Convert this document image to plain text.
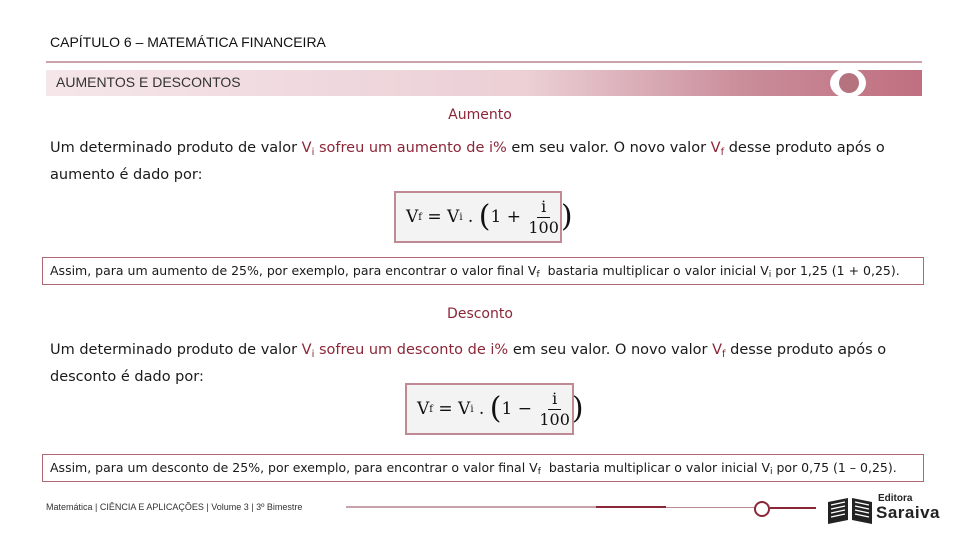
CAPÍTULO 6 – MATEMÁTICA FINANCEIRA
AUMENTOS E DESCONTOS
Aumento
Um determinado produto de valor $V_i$ sofreu um aumento de i% em seu valor. O novo valor $V_f$ desse produto após o aumento é dado por:
V f = V i . ( $1 + \frac{i}{100}$ )
Assim, para um aumento de 25%, por exemplo, para encontrar o valor final $V_f$  bastaria multiplicar o valor inicial $V_i$ por 1,25 (1 + 0,25).
Desconto
Um determinado produto de valor $V_i$ sofreu um desconto de i% em seu valor. O novo valor $V_f$ desse produto após o desconto é dado por:
V f = V i . ( $1 - \frac{i}{100}$ )
Assim, para um desconto de 25%, por exemplo, para encontrar o valor final $V_f$  bastaria multiplicar o valor inicial $V_i$ por 0,75 (1 – 0,25).
Matemática | CIÊNCIA E APLICAÇÕES | Volume 3 | 3º Bimestre
Editora
Saraiva
